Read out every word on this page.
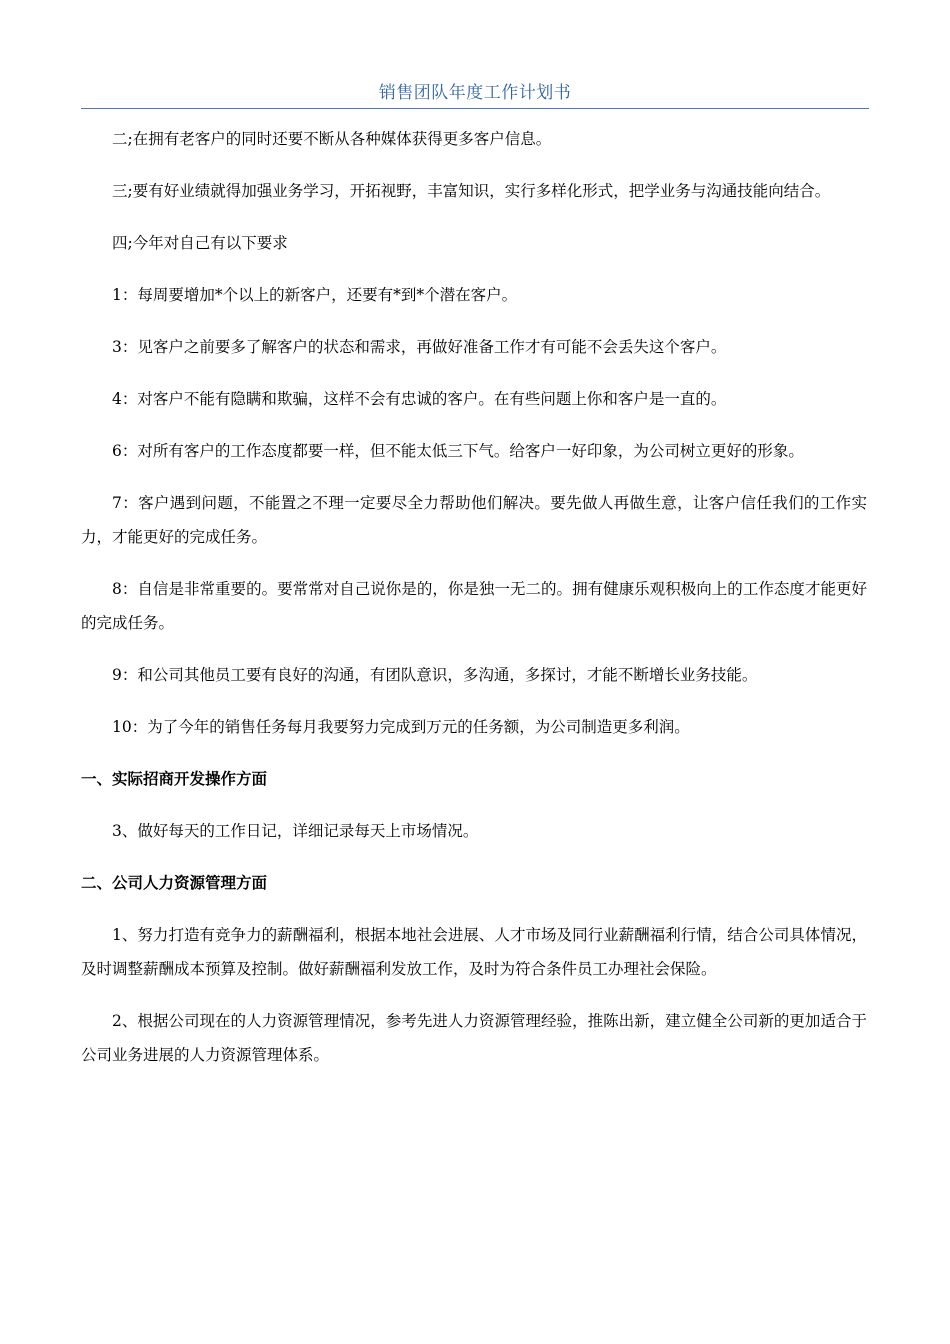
销售团队年度工作计划书

二;在拥有老客户的同时还要不断从各种媒体获得更多客户信息。

三;要有好业绩就得加强业务学习，开拓视野，丰富知识，实行多样化形式，把学业务与沟通技能向结合。

四;今年对自己有以下要求

1：每周要增加*个以上的新客户，还要有*到*个潜在客户。

3：见客户之前要多了解客户的状态和需求，再做好准备工作才有可能不会丢失这个客户。

4：对客户不能有隐瞒和欺骗，这样不会有忠诚的客户。在有些问题上你和客户是一直的。

6：对所有客户的工作态度都要一样，但不能太低三下气。给客户一好印象，为公司树立更好的形象。

7：客户遇到问题，不能置之不理一定要尽全力帮助他们解决。要先做人再做生意，让客户信任我们的工作实力，才能更好的完成任务。

8：自信是非常重要的。要常常对自己说你是的，你是独一无二的。拥有健康乐观积极向上的工作态度才能更好的完成任务。

9：和公司其他员工要有良好的沟通，有团队意识，多沟通，多探讨，才能不断增长业务技能。

10：为了今年的销售任务每月我要努力完成到万元的任务额，为公司制造更多利润。

一、实际招商开发操作方面

3、做好每天的工作日记，详细记录每天上市场情况。

二、公司人力资源管理方面

1、努力打造有竞争力的薪酬福利，根据本地社会进展、人才市场及同行业薪酬福利行情，结合公司具体情况，及时调整薪酬成本预算及控制。做好薪酬福利发放工作，及时为符合条件员工办理社会保险。

2、根据公司现在的人力资源管理情况，参考先进人力资源管理经验，推陈出新，建立健全公司新的更加适合于公司业务进展的人力资源管理体系。
